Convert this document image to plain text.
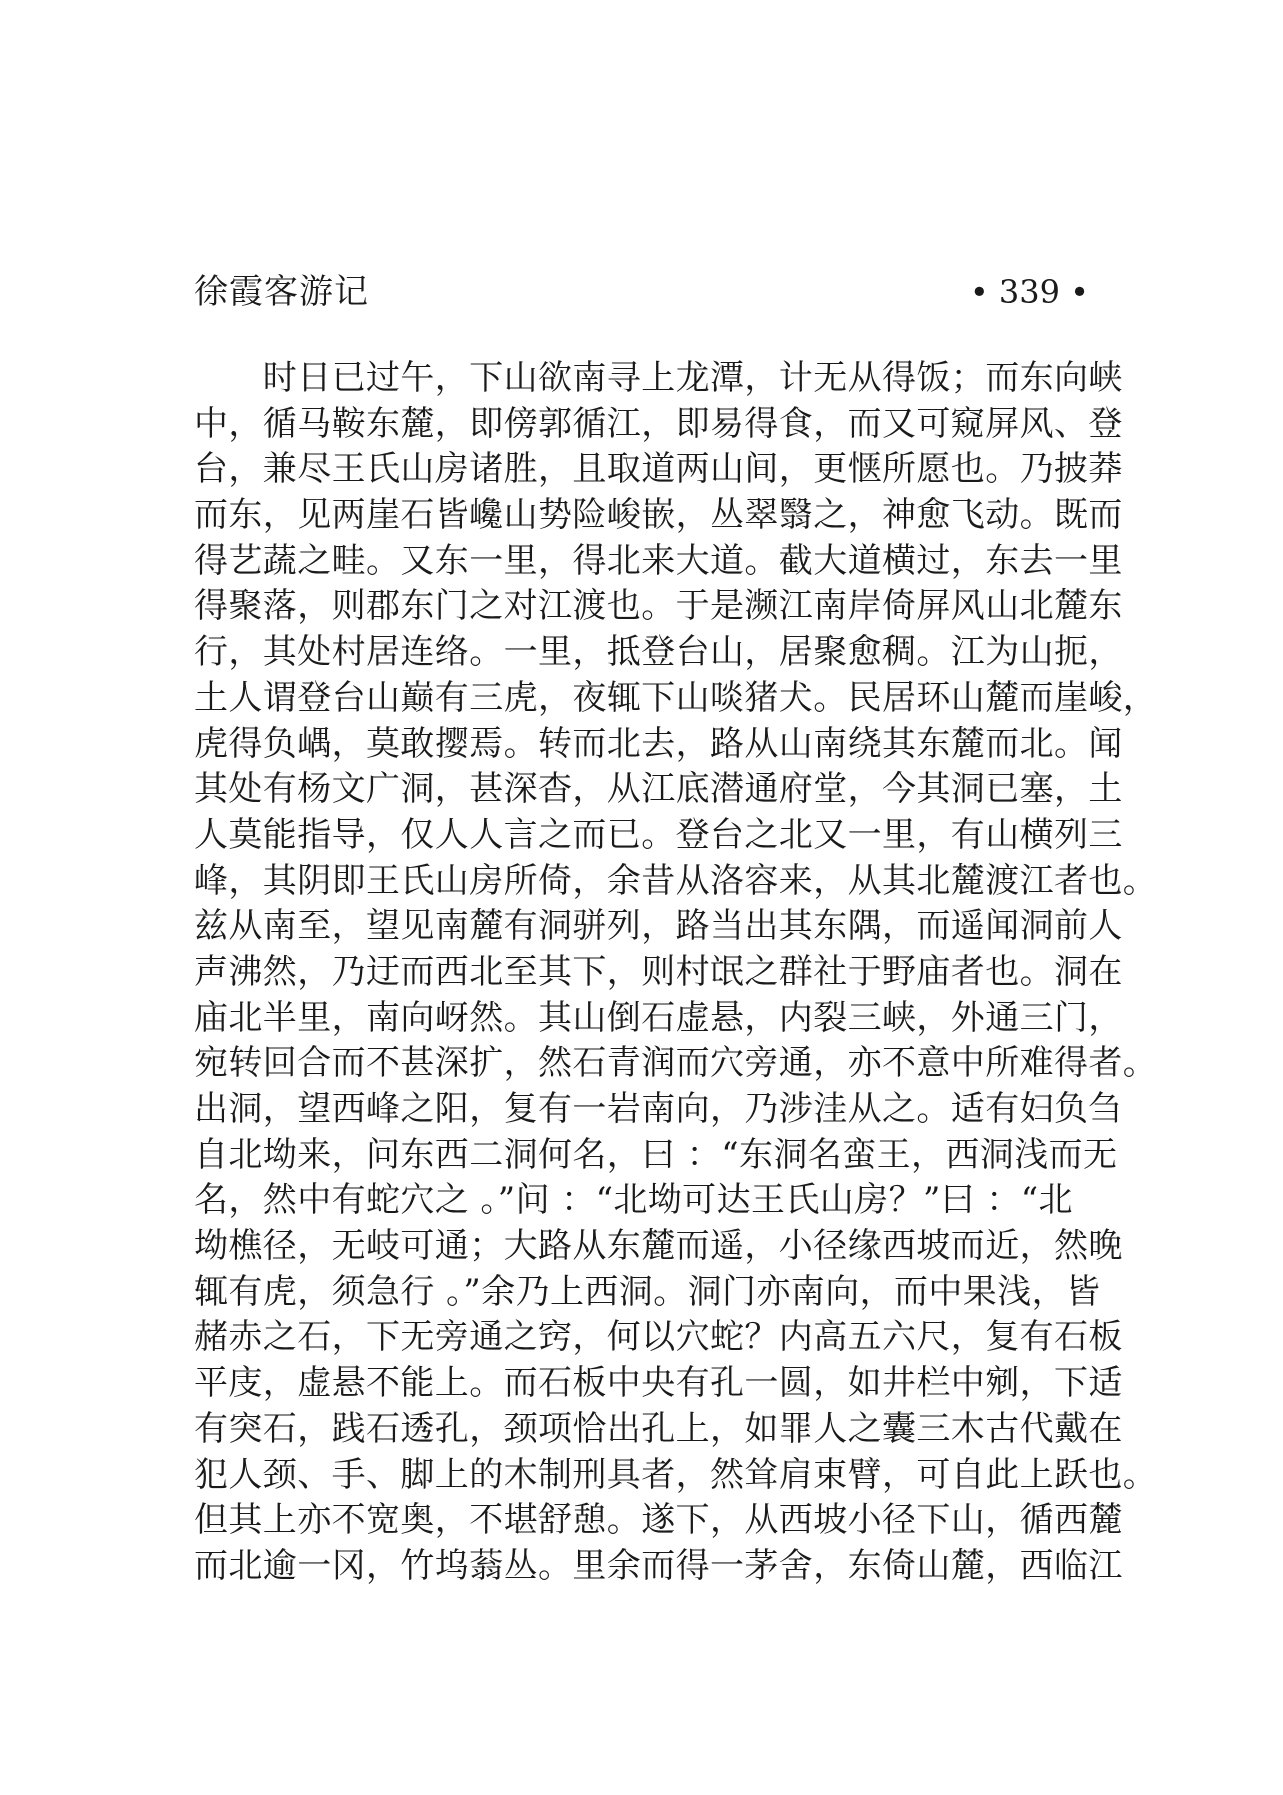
徐霞客游记	• 339 •
　　时日已过午，下山欲南寻上龙潭，计无从得饭；而东向峡
中，循马鞍东麓，即傍郭循江，即易得食，而又可窥屏风、登
台，兼尽王氏山房诸胜，且取道两山间，更惬所愿也。乃披莽
而东，见两崖石皆巉山势险峻嵌，丛翠翳之，神愈飞动。既而
得艺蔬之畦。又东一里，得北来大道。截大道横过，东去一里
得聚落，则郡东门之对江渡也。于是濒江南岸倚屏风山北麓东
行，其处村居连络。一里，抵登台山，居聚愈稠。江为山扼，
土人谓登台山巅有三虎，夜辄下山啖猪犬。民居环山麓而崖峻，
虎得负嵎，莫敢撄焉。转而北去，路从山南绕其东麓而北。闻
其处有杨文广洞，甚深杳，从江底潜通府堂，今其洞已塞，土
人莫能指导，仅人人言之而已。登台之北又一里，有山横列三
峰，其阴即王氏山房所倚，余昔从洛容来，从其北麓渡江者也。
兹从南至，望见南麓有洞骈列，路当出其东隅，而遥闻洞前人
声沸然，乃迂而西北至其下，则村氓之群社于野庙者也。洞在
庙北半里，南向岈然。其山倒石虚悬，内裂三峡，外通三门，
宛转回合而不甚深扩，然石青润而穴旁通，亦不意中所难得者。
出洞，望西峰之阳，复有一岩南向，乃涉洼从之。适有妇负刍
自北坳来，问东西二洞何名，曰 ：“东洞名蛮王，西洞浅而无
名，然中有蛇穴之 。”问 ：“北坳可达王氏山房？”曰 ：“北
坳樵径，无岐可通；大路从东麓而遥，小径缘西坡而近，然晚
辄有虎，须急行 。”余乃上西洞。洞门亦南向，而中果浅，皆
赭赤之石，下无旁通之窍，何以穴蛇？内高五六尺，复有石板
平庋，虚悬不能上。而石板中央有孔一圆，如井栏中剜，下适
有突石，践石透孔，颈项恰出孔上，如罪人之囊三木古代戴在
犯人颈、手、脚上的木制刑具者，然耸肩束臂，可自此上跃也。
但其上亦不宽奥，不堪舒憩。遂下，从西坡小径下山，循西麓
而北逾一冈，竹坞蓊丛。里余而得一茅舍，东倚山麓，西临江
